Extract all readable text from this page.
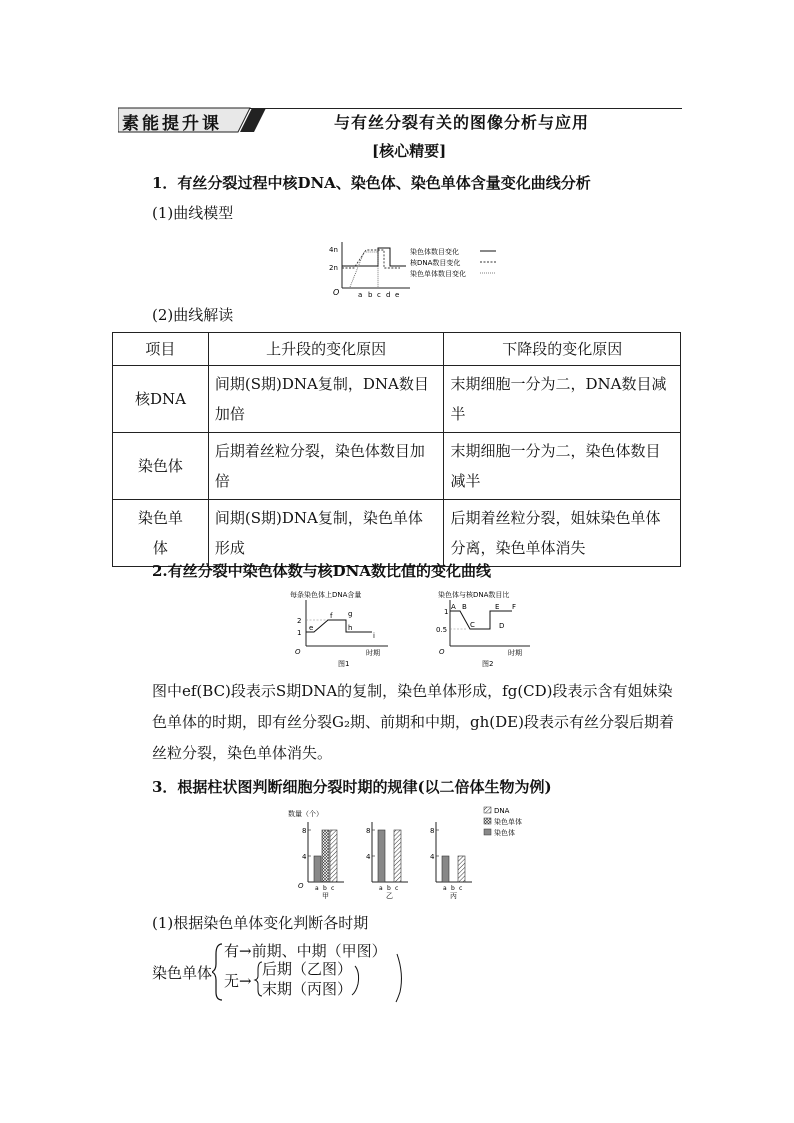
素能提升课	与有丝分裂有关的图像分析与应用
[核心精要]
1．有丝分裂过程中核DNA、染色体、染色单体含量变化曲线分析
(1)曲线模型
4n
2n
O	a b c d e
染色体数目变化
核DNA数目变化
染色单体数目变化
(2)曲线解读
项目	上升段的变化原因	下降段的变化原因
核DNA	间期(S期)DNA复制，DNA数目加倍	末期细胞一分为二，DNA数目减半
染色体	后期着丝粒分裂，染色体数目加倍	末期细胞一分为二，染色体数目减半
染色单体	间期(S期)DNA复制，染色单体形成	后期着丝粒分裂，姐妹染色单体分离，染色单体消失
2.有丝分裂中染色体数与核DNA数比值的变化曲线
每条染色体上DNA含量
2
1
O
e
f g
h
i
时期
图1
染色体与核DNA数目比
1
0.5
O
A B
C	D
E F
时期
图2
图中ef(BC)段表示S期DNA的复制，染色单体形成，fg(CD)段表示含有姐妹染色单体的时期，即有丝分裂G₂期、前期和中期，gh(DE)段表示有丝分裂后期着丝粒分裂，染色单体消失。
3．根据柱状图判断细胞分裂时期的规律(以二倍体生物为例)
8
4
a b c
甲
O
8
4
a b c
乙
8
4
a b c
丙
数量（个）	DNA
染色单体
染色体
(1)根据染色单体变化判断各时期
染色单体
有→前期、中期（甲图）
无→
后期（乙图）
末期（丙图）
